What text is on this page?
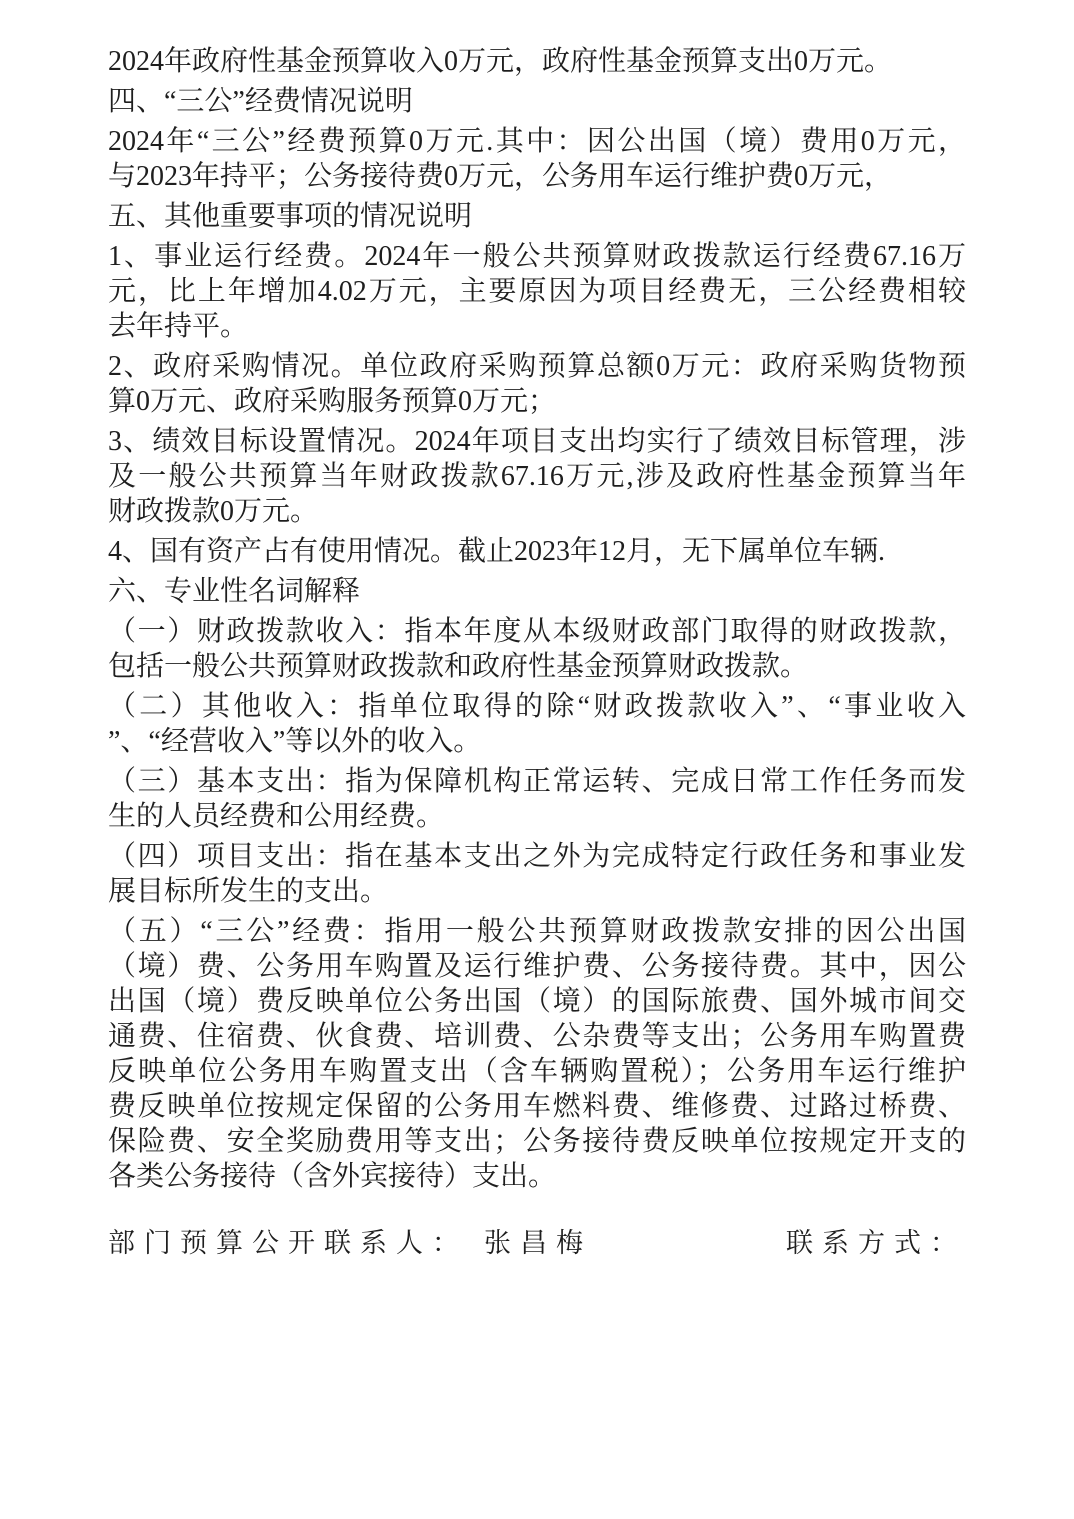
2024年政府性基金预算收入0万元，政府性基金预算支出0万元。
四、“三公”经费情况说明
2024年“三公”经费预算0万元.其中：因公出国（境）费用0万元，
与2023年持平；公务接待费0万元，公务用车运行维护费0万元，
五、其他重要事项的情况说明
1、事业运行经费。2024年一般公共预算财政拨款运行经费67.16万
元，比上年增加4.02万元，主要原因为项目经费无，三公经费相较
去年持平。
2、政府采购情况。单位政府采购预算总额0万元：政府采购货物预
算0万元、政府采购服务预算0万元；
3、绩效目标设置情况。2024年项目支出均实行了绩效目标管理，涉
及一般公共预算当年财政拨款67.16万元,涉及政府性基金预算当年
财政拨款0万元。
4、国有资产占有使用情况。截止2023年12月，无下属单位车辆.
六、专业性名词解释
（一）财政拨款收入：指本年度从本级财政部门取得的财政拨款，
包括一般公共预算财政拨款和政府性基金预算财政拨款。
（二）其他收入：指单位取得的除“财政拨款收入”、“事业收入
”、“经营收入”等以外的收入。
（三）基本支出：指为保障机构正常运转、完成日常工作任务而发
生的人员经费和公用经费。
（四）项目支出：指在基本支出之外为完成特定行政任务和事业发
展目标所发生的支出。
（五）“三公”经费：指用一般公共预算财政拨款安排的因公出国
（境）费、公务用车购置及运行维护费、公务接待费。其中，因公
出国（境）费反映单位公务出国（境）的国际旅费、国外城市间交
通费、住宿费、伙食费、培训费、公杂费等支出；公务用车购置费
反映单位公务用车购置支出（含车辆购置税）；公务用车运行维护
费反映单位按规定保留的公务用车燃料费、维修费、过路过桥费、
保险费、安全奖励费用等支出；公务接待费反映单位按规定开支的
各类公务接待（含外宾接待）支出。
部门预算公开联系人： 张昌梅	联系方式：
